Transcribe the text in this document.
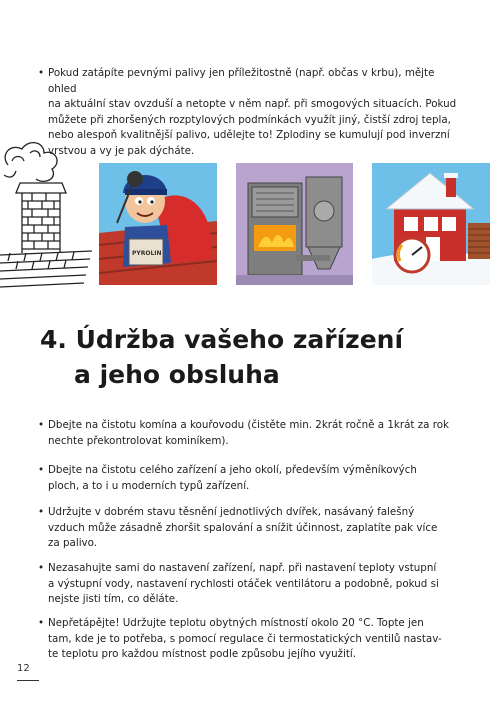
• Pokud zatápíte pevnými palivy jen příležitostně (např. občas v krbu), mějte ohled
na aktuální stav ovzduší a netopte v něm např. při smogových situacích. Pokud
můžete při zhoršených rozptylových podmínkách využít jiný, čistší zdroj tepla,
nebo alespoň kvalitnější palivo, udělejte to! Zplodiny se kumulují pod inverzní
vrstvou a vy je pak dýcháte.
PYROLIN
4. Údržba vašeho zařízení
a jeho obsluha
• Dbejte na čistotu komína a kouřovodu (čistěte min. 2krát ročně a 1krát za rok
nechte překontrolovat kominíkem).
• Dbejte na čistotu celého zařízení a jeho okolí, především výměníkových
ploch, a to i u moderních typů zařízení.
• Udržujte v dobrém stavu těsnění jednotlivých dvířek, nasávaný falešný
vzduch může zásadně zhoršit spalování a snížit účinnost, zaplatíte pak více
za palivo.
• Nezasahujte sami do nastavení zařízení, např. při nastavení teploty vstupní
a výstupní vody, nastavení rychlosti otáček ventilátoru a podobně, pokud si
nejste jisti tím, co děláte.
• Nepřetápějte! Udržujte teplotu obytných místností okolo 20 °C. Topte jen
tam, kde je to potřeba, s pomocí regulace či termostatických ventilů nastav-
te teplotu pro každou místnost podle způsobu jejího využití.
12
